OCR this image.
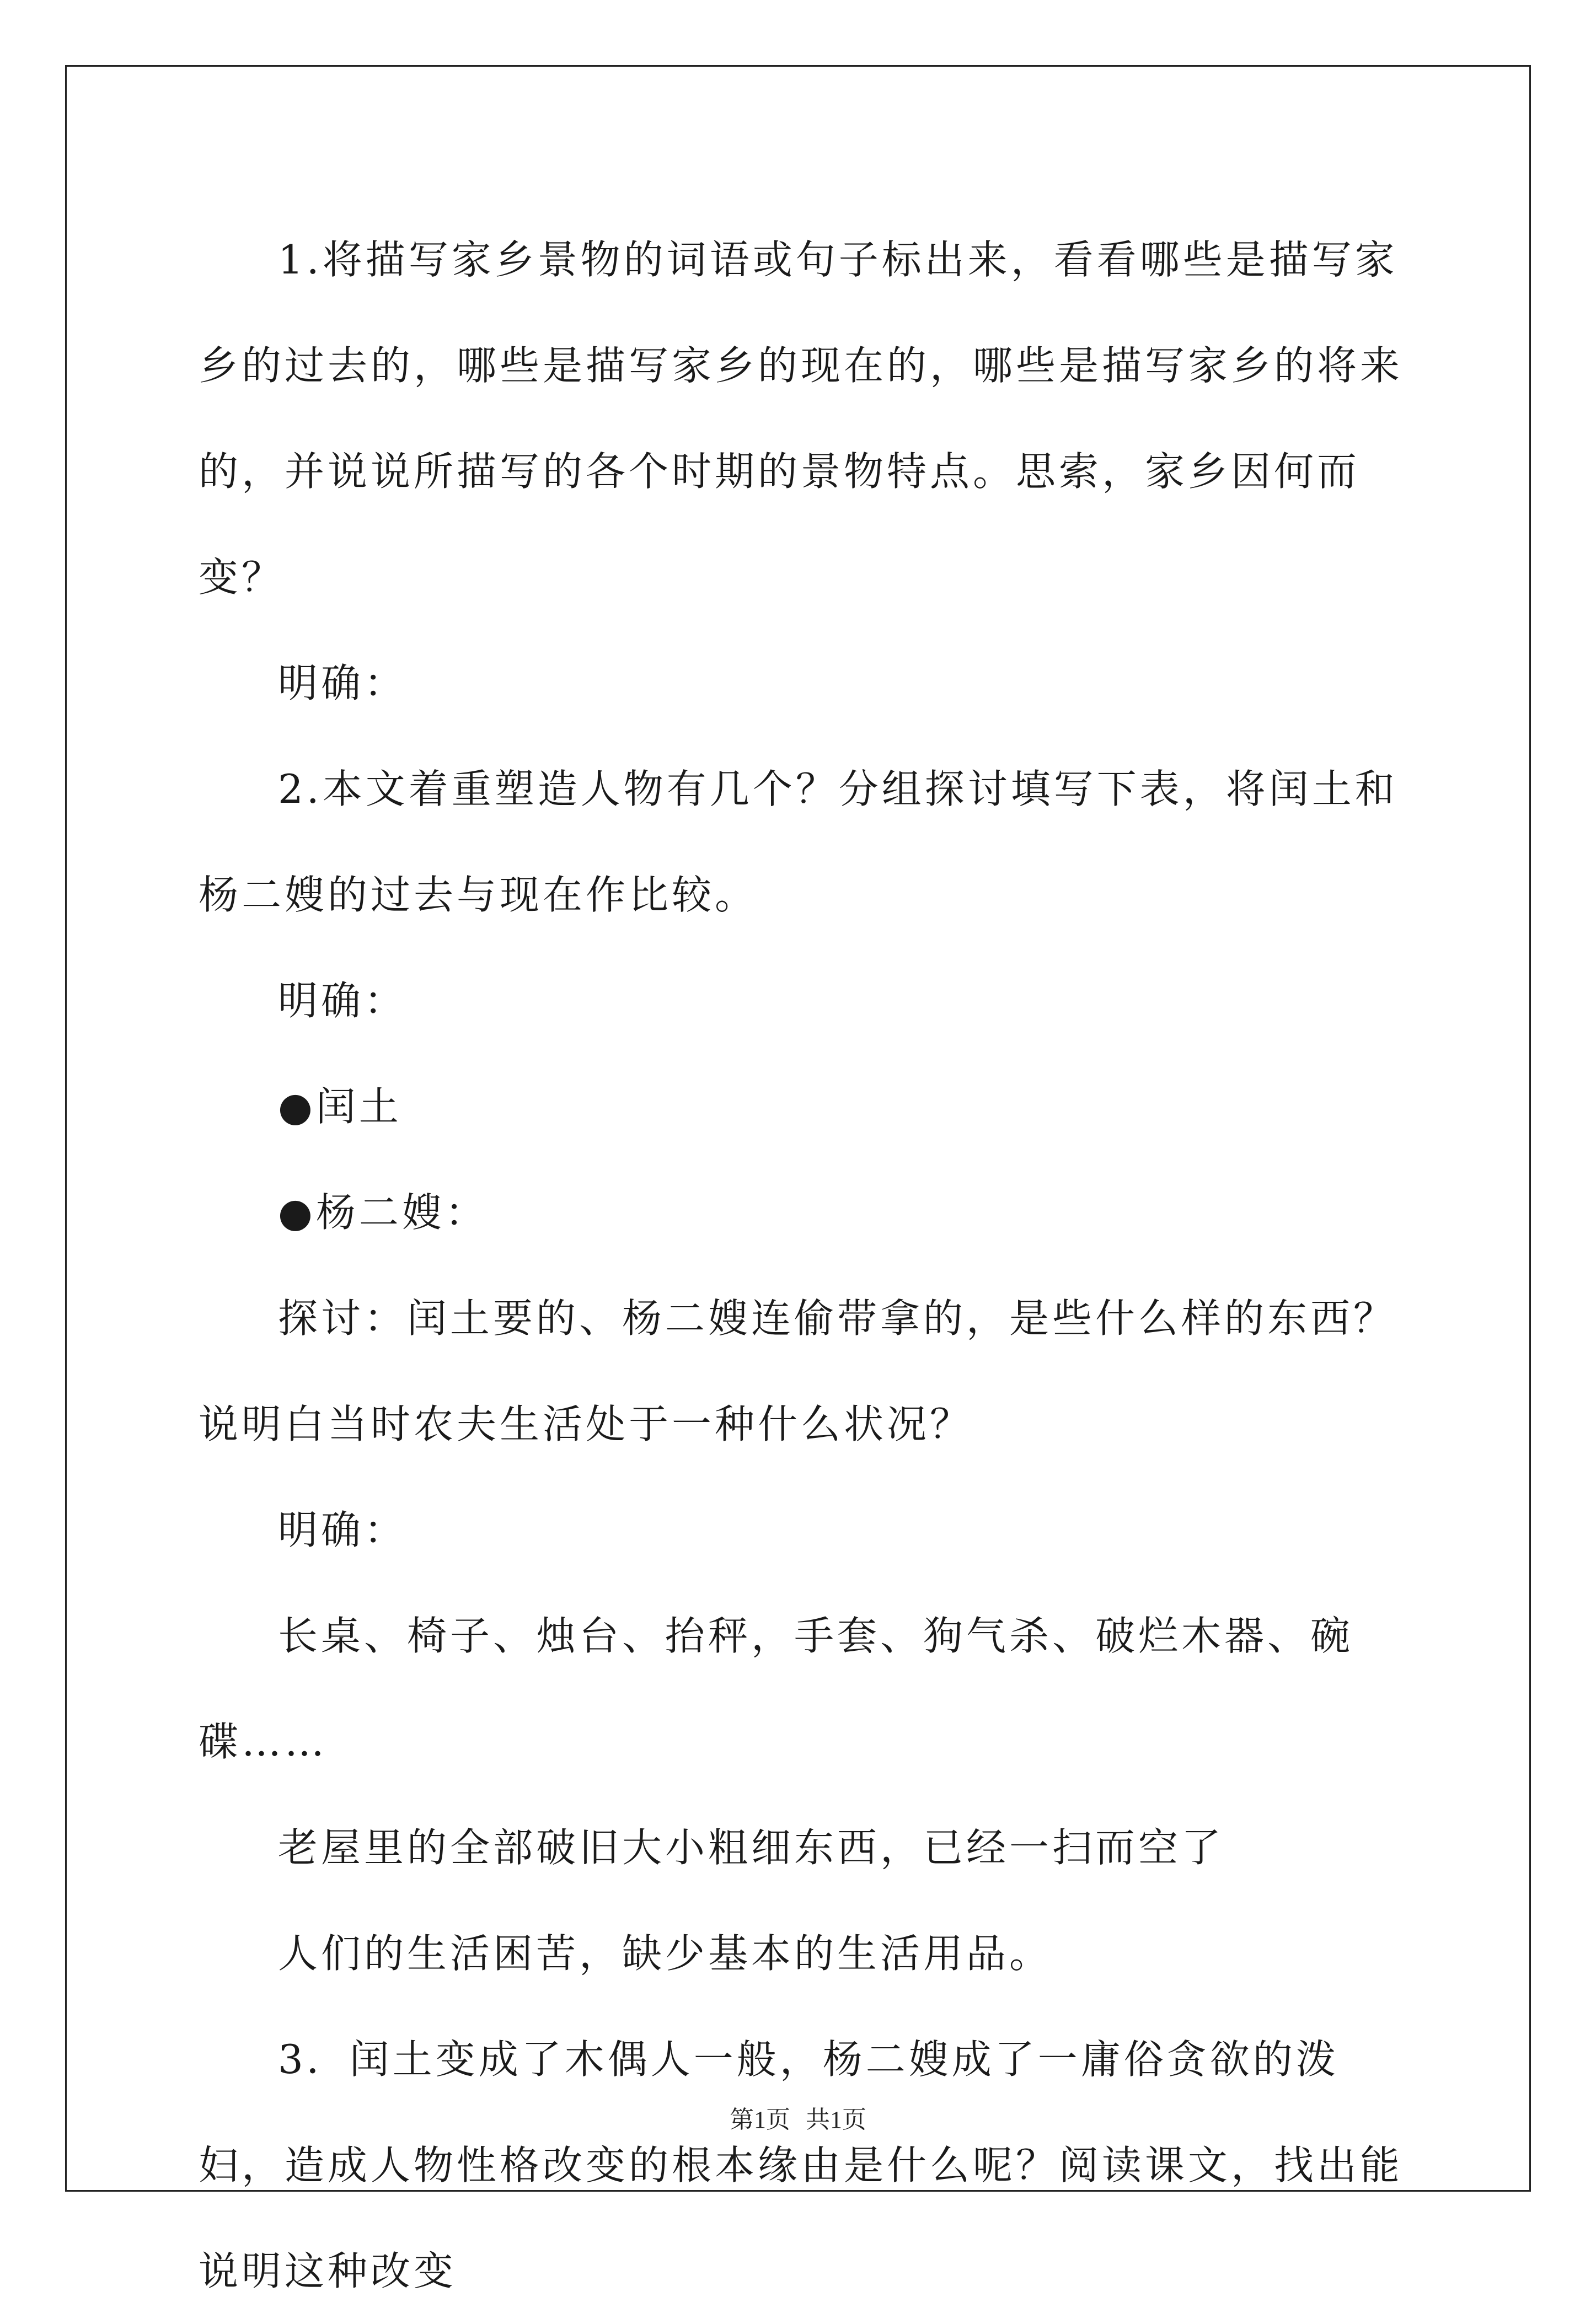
1.将描写家乡景物的词语或句子标出来，看看哪些是描写家乡的过去的，哪些是描写家乡的现在的，哪些是描写家乡的将来的，并说说所描写的各个时期的景物特点。思索，家乡因何而变？

明确：

2.本文着重塑造人物有几个？分组探讨填写下表，将闰土和杨二嫂的过去与现在作比较。

明确：

●闰土

●杨二嫂：

探讨：闰土要的、杨二嫂连偷带拿的，是些什么样的东西？说明白当时农夫生活处于一种什么状况？

明确：

长桌、椅子、烛台、抬秤，手套、狗气杀、破烂木器、碗碟……

老屋里的全部破旧大小粗细东西，已经一扫而空了

人们的生活困苦，缺少基本的生活用品。

3．闰土变成了木偶人一般，杨二嫂成了一庸俗贪欲的泼妇，造成人物性格改变的根本缘由是什么呢？阅读课文，找出能说明这种改变

第1页 共1页
